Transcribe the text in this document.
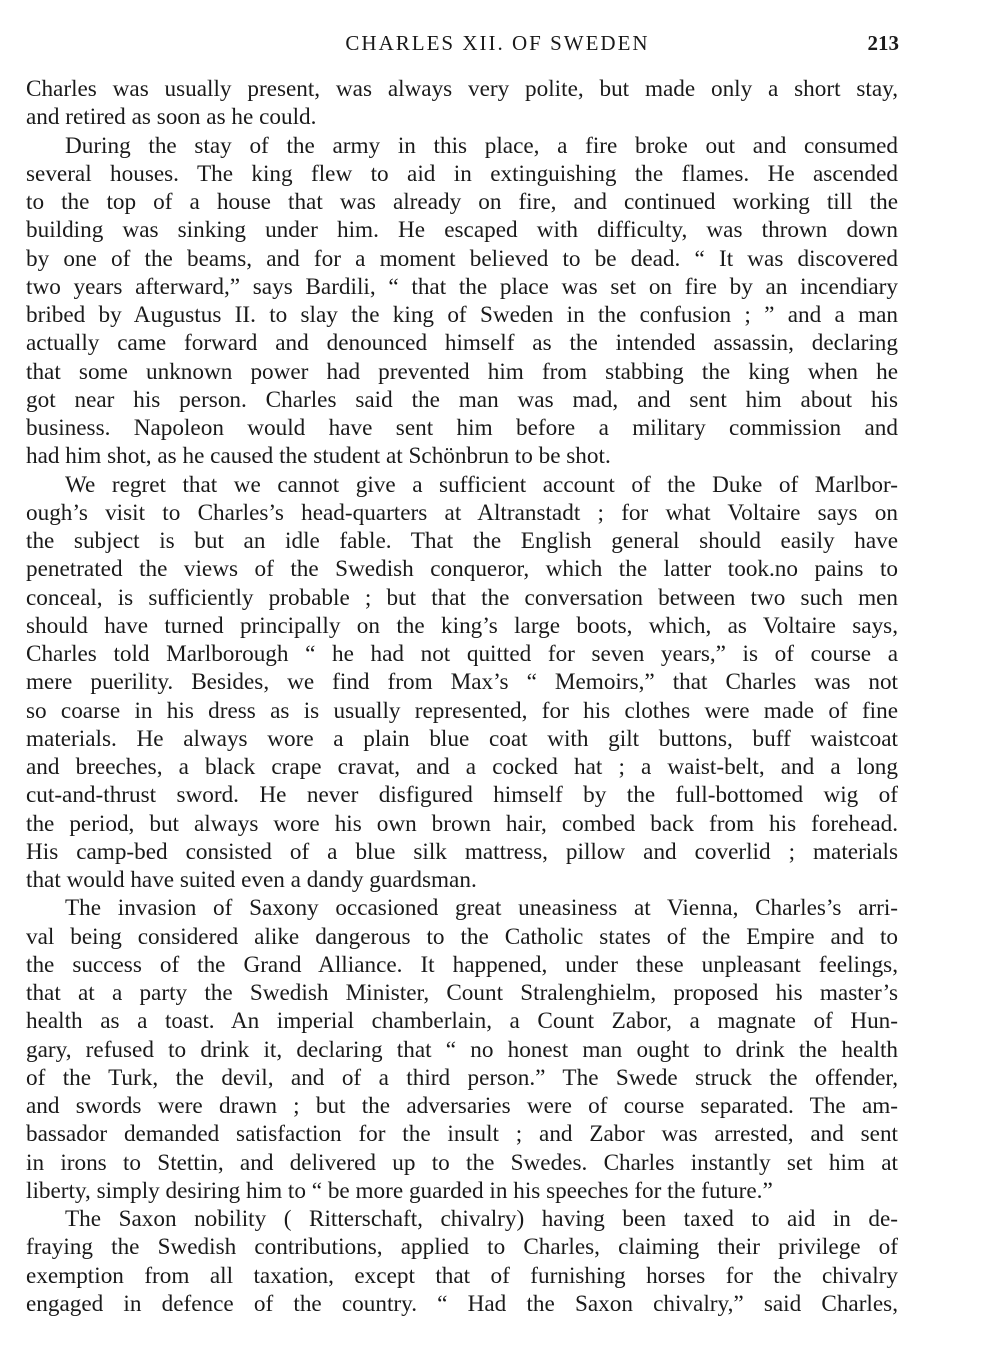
CHARLES XII. OF SWEDEN	213
Charles was usually present, was always very polite, but made only a short stay,
and retired as soon as he could.
During the stay of the army in this place, a fire broke out and consumed
several houses. The king flew to aid in extinguishing the flames. He ascended
to the top of a house that was already on fire, and continued working till the
building was sinking under him. He escaped with difficulty, was thrown down
by one of the beams, and for a moment believed to be dead. “ It was discovered
two years afterward,” says Bardili, “ that the place was set on fire by an incendiary
bribed by Augustus II. to slay the king of Sweden in the confusion ; ” and a man
actually came forward and denounced himself as the intended assassin, declaring
that some unknown power had prevented him from stabbing the king when he
got near his person. Charles said the man was mad, and sent him about his
business. Napoleon would have sent him before a military commission and
had him shot, as he caused the student at Schönbrun to be shot.
We regret that we cannot give a sufficient account of the Duke of Marlbor-
ough’s visit to Charles’s head-quarters at Altranstadt ; for what Voltaire says on
the subject is but an idle fable. That the English general should easily have
penetrated the views of the Swedish conqueror, which the latter took.no pains to
conceal, is sufficiently probable ; but that the conversation between two such men
should have turned principally on the king’s large boots, which, as Voltaire says,
Charles told Marlborough “ he had not quitted for seven years,” is of course a
mere puerility. Besides, we find from Max’s “ Memoirs,” that Charles was not
so coarse in his dress as is usually represented, for his clothes were made of fine
materials. He always wore a plain blue coat with gilt buttons, buff waistcoat
and breeches, a black crape cravat, and a cocked hat ; a waist-belt, and a long
cut-and-thrust sword. He never disfigured himself by the full-bottomed wig of
the period, but always wore his own brown hair, combed back from his forehead.
His camp-bed consisted of a blue silk mattress, pillow and coverlid ; materials
that would have suited even a dandy guardsman.
The invasion of Saxony occasioned great uneasiness at Vienna, Charles’s arri-
val being considered alike dangerous to the Catholic states of the Empire and to
the success of the Grand Alliance. It happened, under these unpleasant feelings,
that at a party the Swedish Minister, Count Stralenghielm, proposed his master’s
health as a toast. An imperial chamberlain, a Count Zabor, a magnate of Hun-
gary, refused to drink it, declaring that “ no honest man ought to drink the health
of the Turk, the devil, and of a third person.” The Swede struck the offender,
and swords were drawn ; but the adversaries were of course separated. The am-
bassador demanded satisfaction for the insult ; and Zabor was arrested, and sent
in irons to Stettin, and delivered up to the Swedes. Charles instantly set him at
liberty, simply desiring him to “ be more guarded in his speeches for the future.”
The Saxon nobility ( Ritterschaft, chivalry) having been taxed to aid in de-
fraying the Swedish contributions, applied to Charles, claiming their privilege of
exemption from all taxation, except that of furnishing horses for the chivalry
engaged in defence of the country. “ Had the Saxon chivalry,” said Charles,
